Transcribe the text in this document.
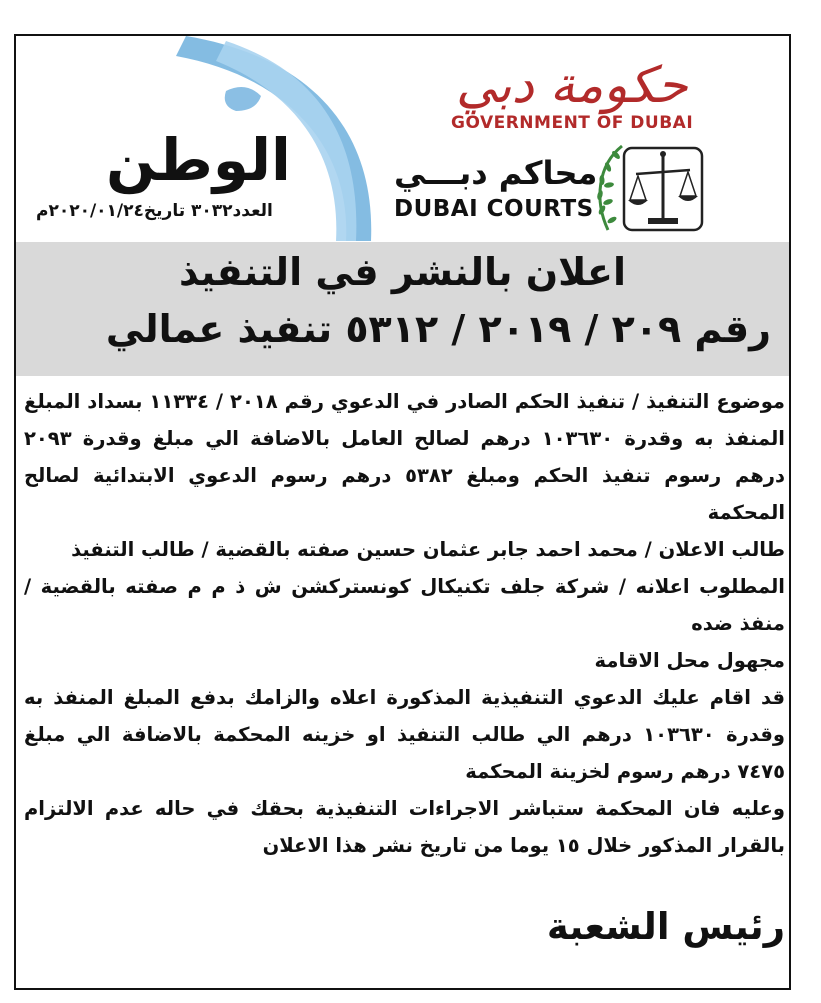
الوطن
العدد٣٠٣٢ تاريخ٢٠٢٠/٠١/٢٤م
حكومة دبي
GOVERNMENT OF DUBAI
محاكم دبـــي
DUBAI COURTS
اعلان بالنشر في التنفيذ
رقم ٢٠٩ / ٢٠١٩ / ٥٣١٢ تنفيذ عمالي

موضوع التنفيذ / تنفيذ الحكم الصادر في الدعوي رقم ٢٠١٨ / ١١٣٣٤ بسداد المبلغ المنفذ به وقدرة ١٠٣٦٣٠ درهم لصالح العامل بالاضافة الي مبلغ وقدرة ٢٠٩٣ درهم رسوم تنفيذ الحكم ومبلغ ٥٣٨٢ درهم رسوم الدعوي الابتدائية لصالح المحكمة

طالب الاعلان / محمد احمد جابر عثمان حسين صفته بالقضية / طالب التنفيذ

المطلوب اعلانه / شركة جلف تكنيكال كونستركشن ش ذ م م صفته بالقضية / منفذ ضده

مجهول محل الاقامة

قد اقام عليك الدعوي التنفيذية المذكورة اعلاه والزامك بدفع المبلغ المنفذ به وقدرة ١٠٣٦٣٠ درهم الي طالب التنفيذ او خزينه المحكمة بالاضافة الي مبلغ ٧٤٧٥ درهم رسوم لخزينة المحكمة

وعليه فان المحكمة ستباشر الاجراءات التنفيذية بحقك في حاله عدم الالتزام بالقرار المذكور خلال ١٥ يوما من تاريخ نشر هذا الاعلان

رئيس الشعبة
